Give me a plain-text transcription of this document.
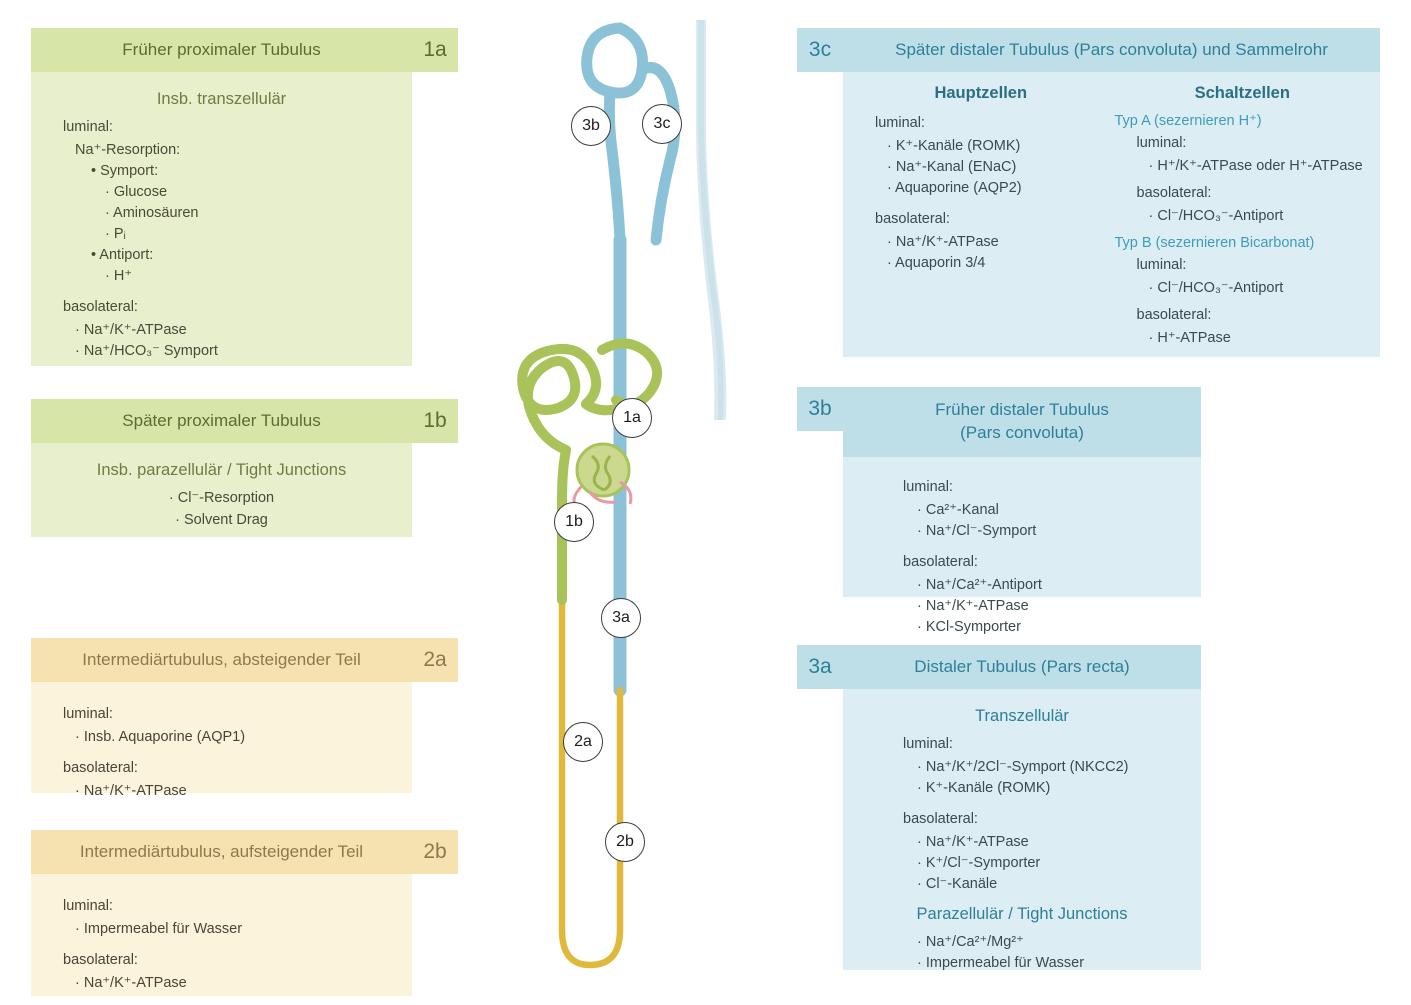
Früher proximaler Tubulus
Insb. transzellulär
luminal:
Na⁺-Resorption:
• Symport:
· Glucose
· Aminosäuren
· Pᵢ
• Antiport:
· H⁺
basolateral:
· Na⁺/K⁺-ATPase
· Na⁺/HCO₃⁻ Symport
1a
Später proximaler Tubulus
Insb. parazellulär / Tight Junctions
· Cl⁻-Resorption
· Solvent Drag
1b
Intermediärtubulus, absteigender Teil
luminal:
· Insb. Aquaporine (AQP1)
basolateral:
· Na⁺/K⁺-ATPase
2a
Intermediärtubulus, aufsteigender Teil
luminal:
· Impermeabel für Wasser
basolateral:
· Na⁺/K⁺-ATPase
2b
3b	3c
1a
1b
3a
2a
2b
Später distaler Tubulus (Pars convoluta) und Sammelrohr
Hauptzellen
luminal:
· K⁺-Kanäle (ROMK)
· Na⁺-Kanal (ENaC)
· Aquaporine (AQP2)
basolateral:
· Na⁺/K⁺-ATPase
· Aquaporin 3/4
Schaltzellen
Typ A (sezernieren H⁺)
luminal:
· H⁺/K⁺-ATPase oder H⁺-ATPase
basolateral:
· Cl⁻/HCO₃⁻-Antiport
Typ B (sezernieren Bicarbonat)
luminal:
· Cl⁻/HCO₃⁻-Antiport
basolateral:
· H⁺-ATPase
3c
Früher distaler Tubulus
(Pars convoluta)
luminal:
· Ca²⁺-Kanal
· Na⁺/Cl⁻-Symport
basolateral:
· Na⁺/Ca²⁺-Antiport
· Na⁺/K⁺-ATPase
· KCl-Symporter
3b
Distaler Tubulus (Pars recta)
Transzellulär
luminal:
· Na⁺/K⁺/2Cl⁻-Symport (NKCC2)
· K⁺-Kanäle (ROMK)
basolateral:
· Na⁺/K⁺-ATPase
· K⁺/Cl⁻-Symporter
· Cl⁻-Kanäle
Parazellulär / Tight Junctions
· Na⁺/Ca²⁺/Mg²⁺
· Impermeabel für Wasser
3a
